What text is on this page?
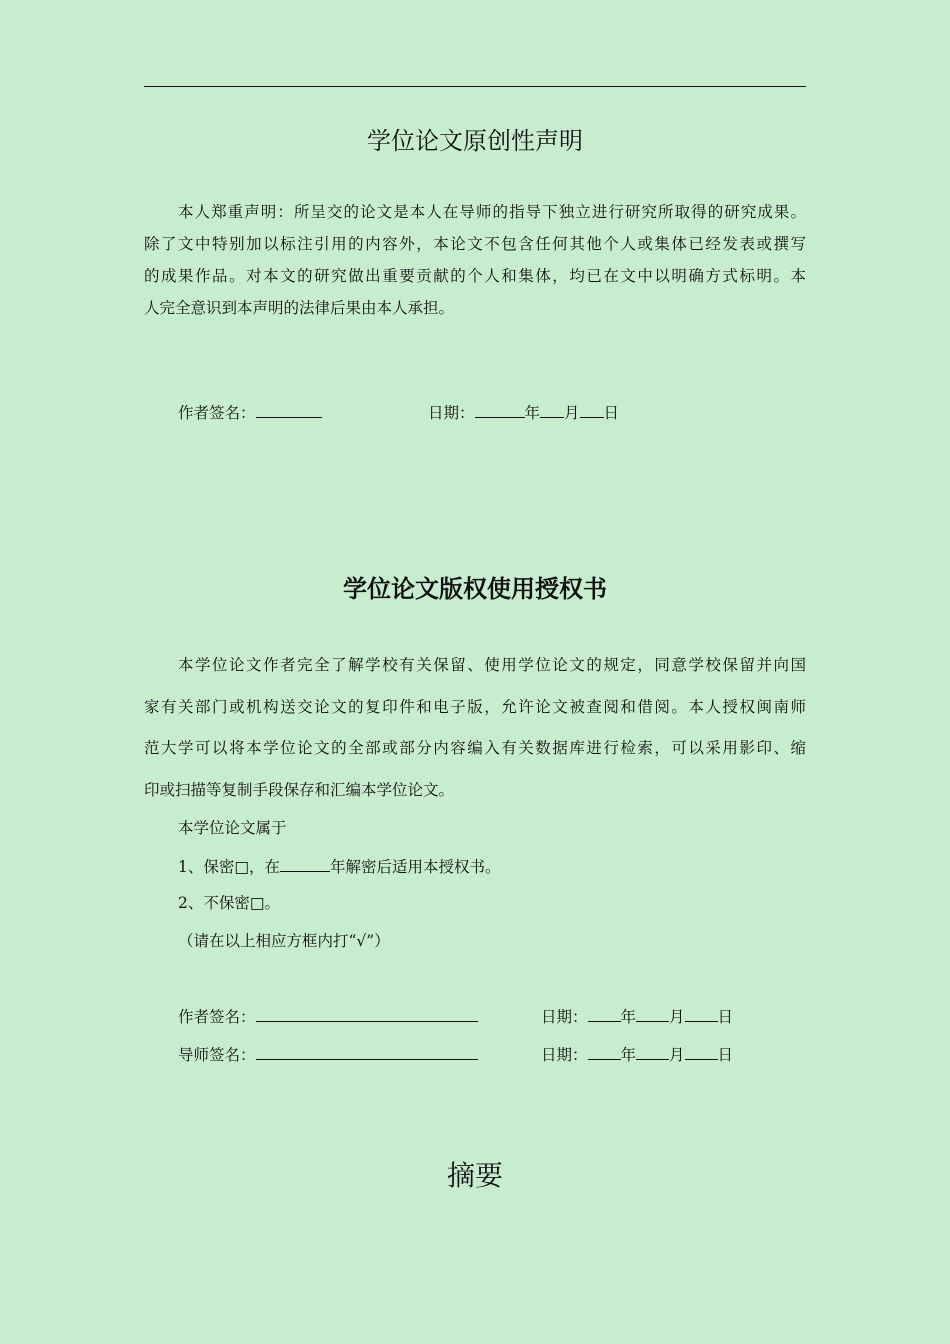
学位论文原创性声明
本人郑重声明：所呈交的论文是本人在导师的指导下独立进行研究所取得的研究成果。
除了文中特别加以标注引用的内容外，本论文不包含任何其他个人或集体已经发表或撰写
的成果作品。对本文的研究做出重要贡献的个人和集体，均已在文中以明确方式标明。本
人完全意识到本声明的法律后果由本人承担。
作者签名：	日期：	年 月 日
学位论文版权使用授权书
本学位论文作者完全了解学校有关保留、使用学位论文的规定，同意学校保留并向国
家有关部门或机构送交论文的复印件和电子版，允许论文被查阅和借阅。本人授权闽南师
范大学可以将本学位论文的全部或部分内容编入有关数据库进行检索，可以采用影印、缩
印或扫描等复制手段保存和汇编本学位论文。
本学位论文属于
1、保密□，在	年解密后适用本授权书。
2、不保密□。
（请在以上相应方框内打“√”）
作者签名：	日期： 年 月 日
导师签名：	日期： 年 月 日
摘要
